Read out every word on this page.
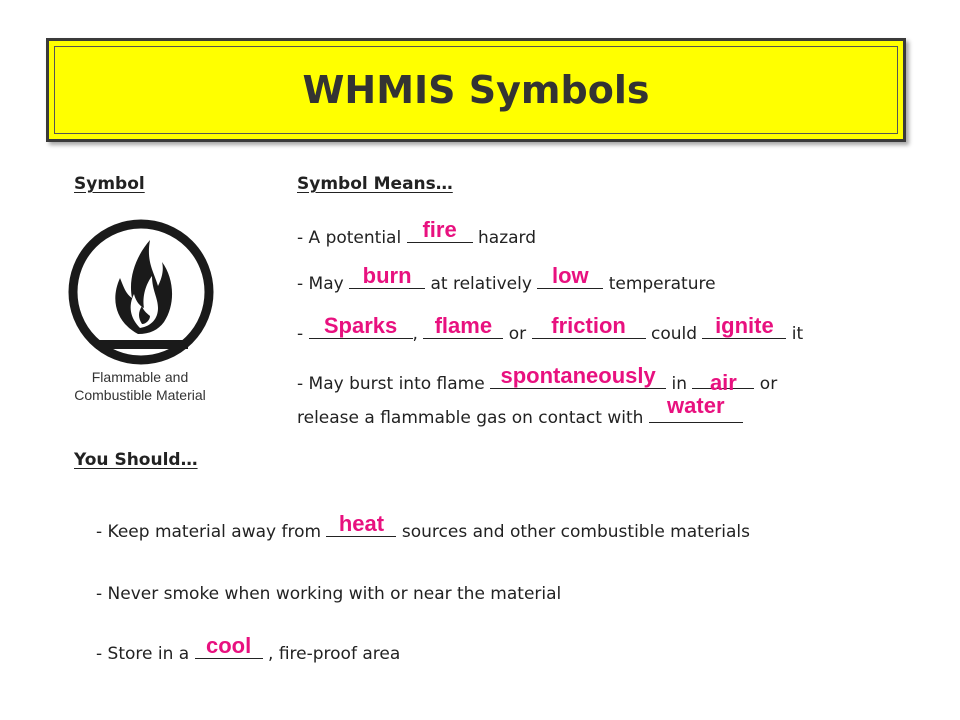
WHMIS Symbols
Symbol	Symbol Means…
Flammable and
Combustible Material
- A potential fire hazard
- May burn at relatively low temperature
- Sparks , flame or friction	could ignite it
- May burst into flame spontaneously in air	or
release a flammable gas on contact with water
You Should…
- Keep material away from heat sources and other combustible materials
- Never smoke when working with or near the material
- Store in a cool , fire-proof area
